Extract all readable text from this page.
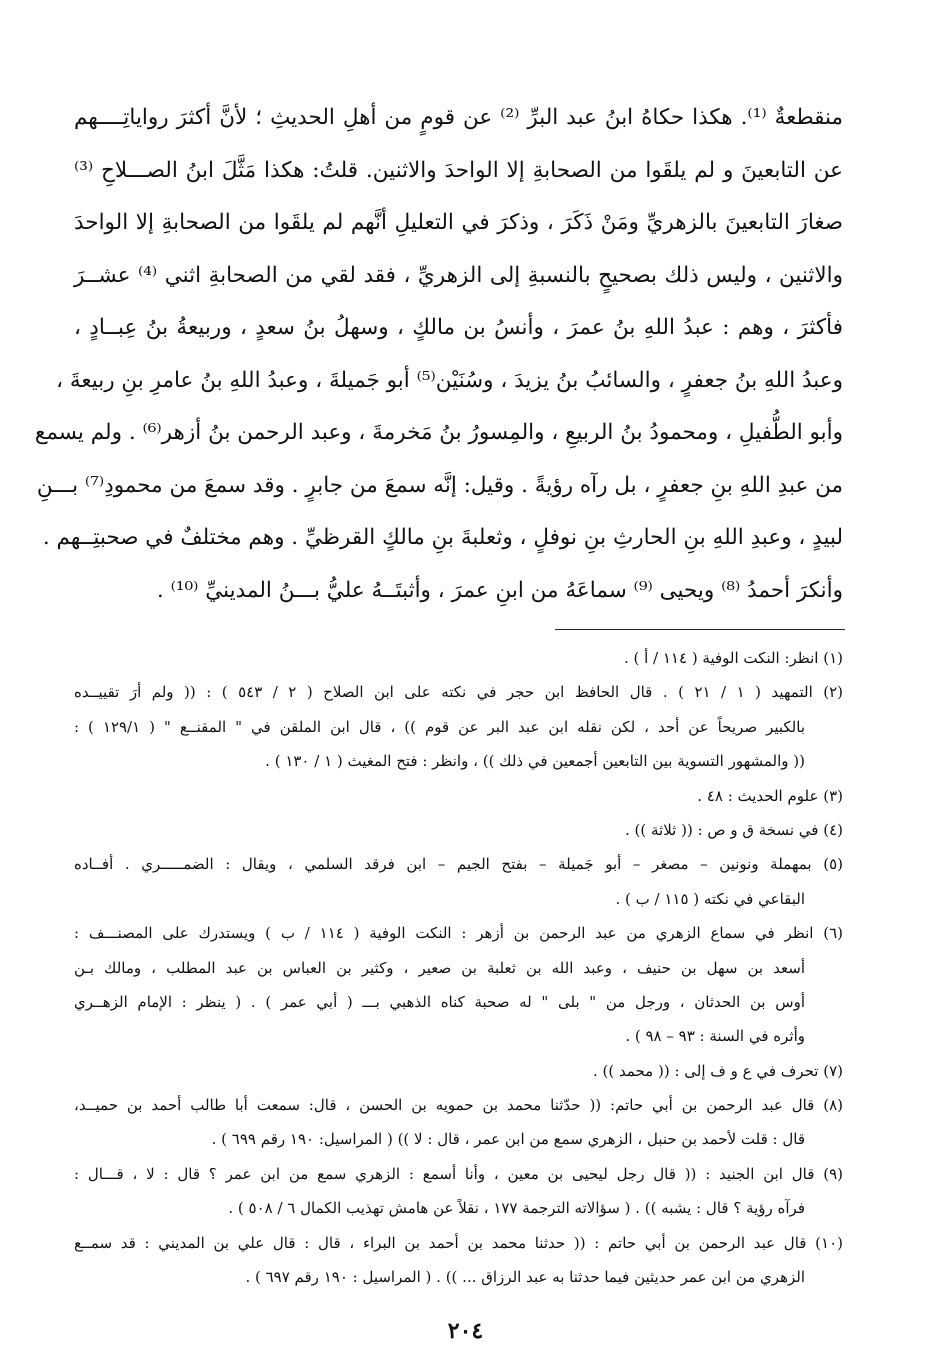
منقطعةٌ ⁽¹⁾. هكذا حكاهُ ابنُ عبد البرِّ ⁽²⁾ عن قومٍ من أهلِ الحديثِ ؛ لأنَّ أكثرَ رواياتِــــهم
عن التابعينَ و لم يلقَوا من الصحابةِ إلا الواحدَ والاثنين. قلتُ: هكذا مَثَّلَ ابنُ الصـــلاحِ ⁽³⁾
صغارَ التابعينَ بالزهريِّ ومَنْ ذَكَرَ ، وذكرَ في التعليلِ أنَّهم لم يلقَوا من الصحابةِ إلا الواحدَ
والاثنين ، وليس ذلك بصحيحٍ بالنسبةِ إلى الزهريِّ ، فقد لقي من الصحابةِ اثني ⁽⁴⁾ عشــرَ
فأكثرَ ، وهم : عبدُ اللهِ بنُ عمرَ ، وأنسُ بن مالكٍ ، وسهلُ بنُ سعدٍ ، وربيعةُ بنُ عِبــادٍ ،
وعبدُ اللهِ بنُ جعفرٍ ، والسائبُ بنُ يزيدَ ، وسُنَيْن⁽⁵⁾ أبو جَميلةَ ، وعبدُ اللهِ بنُ عامرِ بنِ ربيعةَ ،
وأبو الطُّفيلِ ، ومحمودُ بنُ الربيعِ ، والمِسورُ بنُ مَخرمةَ ، وعبد الرحمن بنُ أزهر⁽⁶⁾ . ولم يسمع
من عبدِ اللهِ بنِ جعفرٍ ، بل رآه رؤيةً . وقيل: إنَّه سمعَ من جابرٍ . وقد سمعَ من محمودِ⁽⁷⁾ بـــنِ
لبيدٍ ، وعبدِ اللهِ بنِ الحارثِ بنِ نوفلٍ ، وثعلبةَ بنِ مالكٍ القرظيِّ . وهم مختلفٌ في صحبتِــهم .
وأنكرَ أحمدُ ⁽⁸⁾ ويحيى ⁽⁹⁾ سماعَهُ من ابنِ عمرَ ، وأثبتَــهُ عليُّ بـــنُ المدينيِّ ⁽¹⁰⁾ .
(١) انظر: النكت الوفية ( ١١٤ / أ ) .
(٢) التمهيد ( ١ / ٢١ ) . قال الحافظ ابن حجر في نكته على ابن الصلاح ( ٢ / ٥٤٣ ) : (( ولم أرَ تقييــده
بالكبير صريحاً عن أحد ، لكن نقله ابن عبد البر عن قوم )) ، قال ابن الملقن في " المقنــع " ( ١٢٩/١ ) :
(( والمشهور التسوية بين التابعين أجمعين في ذلك )) ، وانظر : فتح المغيث ( ١ / ١٣٠ ) .
(٣) علوم الحديث : ٤٨ .
(٤) في نسخة ق و ص : (( ثلاثة )) .
(٥) بمهملة ونونين – مصغر – أبو جَميلة – بفتح الجيم – ابن فرقد السلمي ، ويقال : الضمـــــري . أفــاده
البقاعي في نكته ( ١١٥ / ب ) .
(٦) انظر في سماع الزهري من عبد الرحمن بن أزهر : النكت الوفية ( ١١٤ / ب ) ويستدرك على المصنـــف :
أسعد بن سهل بن حنيف ، وعبد الله بن ثعلبة بن صعير ، وكثير بن العباس بن عبد المطلب ، ومالك بـن
أوس بن الحدثان ، ورجل من " بلى " له صحبة كناه الذهبي بـــ ( أبي عمر ) . ( ينظر : الإمام الزهــري
وأثره في السنة : ٩٣ – ٩٨ ) .
(٧) تحرف في ع و ف إلى : (( محمد )) .
(٨) قال عبد الرحمن بن أبي حاتم: (( حدّثنا محمد بن حمويه بن الحسن ، قال: سمعت أبا طالب أحمد بن حميــد،
قال : قلت لأحمد بن حنبل ، الزهري سمع من ابن عمر ، قال : لا )) ( المراسيل: ١٩٠ رقم ٦٩٩ ) .
(٩) قال ابن الجنيد : (( قال رجل ليحيى بن معين ، وأنا أسمع : الزهري سمع من ابن عمر ؟ قال : لا ، قـــال :
فرآه رؤية ؟ قال : يشبه )) . ( سؤالاته الترجمة ١٧٧ ، نقلاً عن هامش تهذيب الكمال ٦ / ٥٠٨ ) .
(١٠) قال عبد الرحمن بن أبي حاتم : (( حدثنا محمد بن أحمد بن البراء ، قال : قال علي بن المديني : قد سمــع
الزهري من ابن عمر حديثين فيما حدثنا به عبد الرزاق ... )) . ( المراسيل : ١٩٠ رقم ٦٩٧ ) .
٢٠٤
